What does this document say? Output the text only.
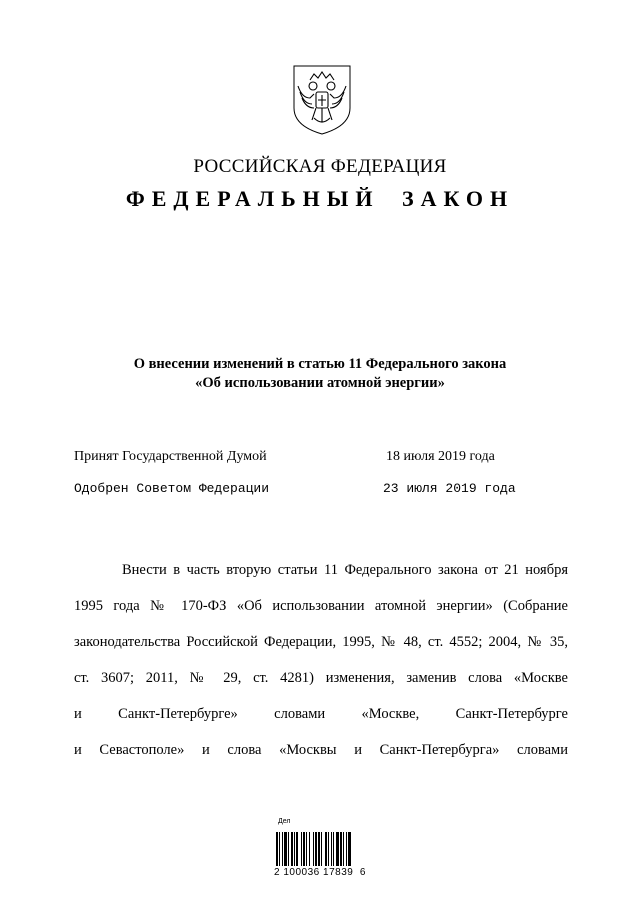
РОССИЙСКАЯ ФЕДЕРАЦИЯ
ФЕДЕРАЛЬНЫЙ ЗАКОН
О внесении изменений в статью 11 Федерального закона
«Об использовании атомной энергии»
Принят Государственной Думой	18 июля 2019 года
Одобрен Советом Федерации	23 июля 2019 года
Внести в часть вторую статьи 11 Федерального закона от 21 ноября
1995 года № 170-ФЗ «Об использовании атомной энергии» (Собрание
законодательства Российской Федерации, 1995, № 48, ст. 4552; 2004, № 35,
ст. 3607; 2011, № 29, ст. 4281) изменения, заменив слова «Москве
и Санкт-Петербурге» словами «Москве, Санкт-Петербурге
и Севастополе» и слова «Москвы и Санкт-Петербурга» словами
Дел
2 100036 17839  6
